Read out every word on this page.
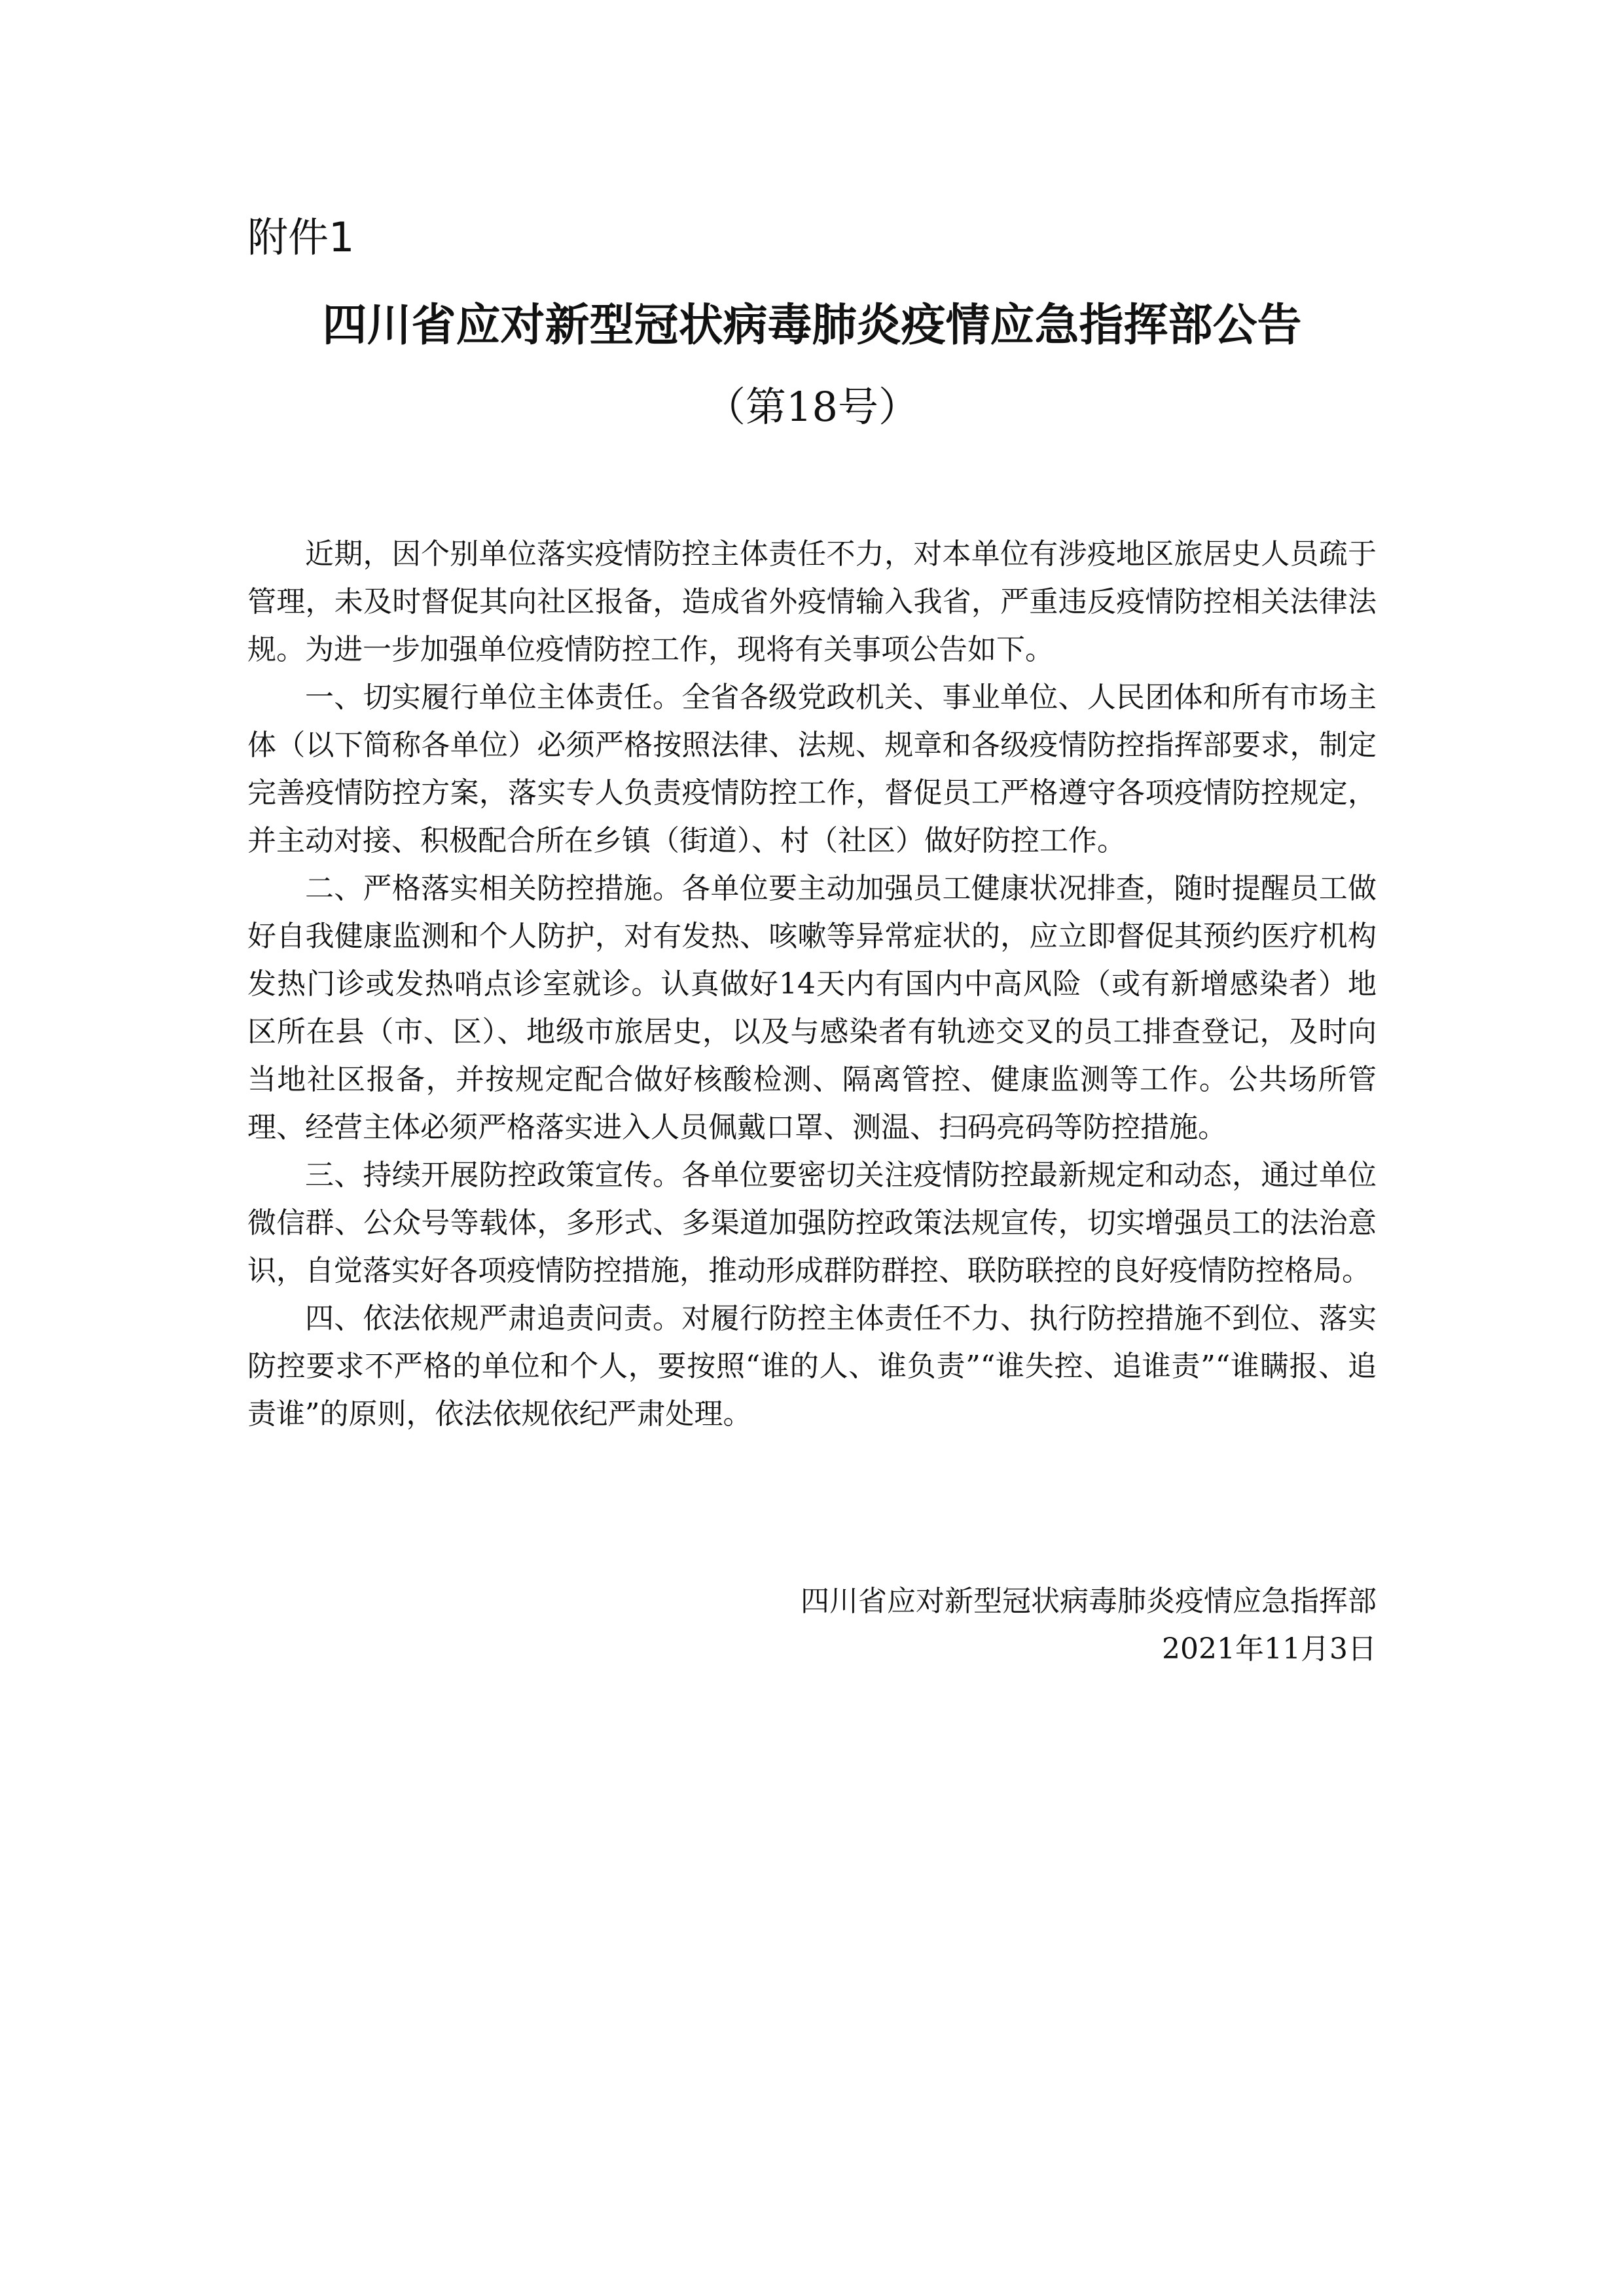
附件1
四川省应对新型冠状病毒肺炎疫情应急指挥部公告
（第18号）

近期，因个别单位落实疫情防控主体责任不力，对本单位有涉疫地区旅居史人员疏于管理，未及时督促其向社区报备，造成省外疫情输入我省，严重违反疫情防控相关法律法规。为进一步加强单位疫情防控工作，现将有关事项公告如下。

一、切实履行单位主体责任。全省各级党政机关、事业单位、人民团体和所有市场主体（以下简称各单位）必须严格按照法律、法规、规章和各级疫情防控指挥部要求，制定完善疫情防控方案，落实专人负责疫情防控工作，督促员工严格遵守各项疫情防控规定，并主动对接、积极配合所在乡镇（街道）、村（社区）做好防控工作。

二、严格落实相关防控措施。各单位要主动加强员工健康状况排查，随时提醒员工做好自我健康监测和个人防护，对有发热、咳嗽等异常症状的，应立即督促其预约医疗机构发热门诊或发热哨点诊室就诊。认真做好14天内有国内中高风险（或有新增感染者）地区所在县（市、区）、地级市旅居史，以及与感染者有轨迹交叉的员工排查登记，及时向当地社区报备，并按规定配合做好核酸检测、隔离管控、健康监测等工作。公共场所管理、经营主体必须严格落实进入人员佩戴口罩、测温、扫码亮码等防控措施。

三、持续开展防控政策宣传。各单位要密切关注疫情防控最新规定和动态，通过单位微信群、公众号等载体，多形式、多渠道加强防控政策法规宣传，切实增强员工的法治意识，自觉落实好各项疫情防控措施，推动形成群防群控、联防联控的良好疫情防控格局。

四、依法依规严肃追责问责。对履行防控主体责任不力、执行防控措施不到位、落实防控要求不严格的单位和个人，要按照“谁的人、谁负责”“谁失控、追谁责”“谁瞒报、追责谁”的原则，依法依规依纪严肃处理。

四川省应对新型冠状病毒肺炎疫情应急指挥部
2021年11月3日
